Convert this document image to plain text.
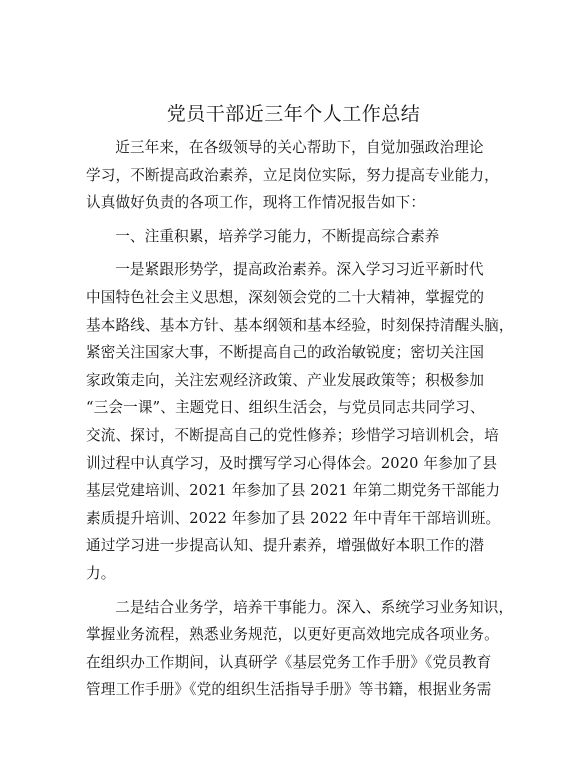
党员干部近三年个人工作总结
近三年来，在各级领导的关心帮助下，自觉加强政治理论
学习，不断提高政治素养，立足岗位实际，努力提高专业能力，
认真做好负责的各项工作，现将工作情况报告如下：
一、注重积累，培养学习能力，不断提高综合素养
一是紧跟形势学，提高政治素养。深入学习习近平新时代
中国特色社会主义思想，深刻领会党的二十大精神，掌握党的
基本路线、基本方针、基本纲领和基本经验，时刻保持清醒头脑，
紧密关注国家大事，不断提高自己的政治敏锐度；密切关注国
家政策走向，关注宏观经济政策、产业发展政策等；积极参加
“三会一课”、主题党日、组织生活会，与党员同志共同学习、
交流、探讨，不断提高自己的党性修养；珍惜学习培训机会，培
训过程中认真学习，及时撰写学习心得体会。2020 年参加了县
基层党建培训、2021 年参加了县 2021 年第二期党务干部能力
素质提升培训、2022 年参加了县 2022 年中青年干部培训班。
通过学习进一步提高认知、提升素养，增强做好本职工作的潜
力。
二是结合业务学，培养干事能力。深入、系统学习业务知识，
掌握业务流程，熟悉业务规范，以更好更高效地完成各项业务。
在组织办工作期间，认真研学《基层党务工作手册》《党员教育
管理工作手册》《党的组织生活指导手册》等书籍，根据业务需
